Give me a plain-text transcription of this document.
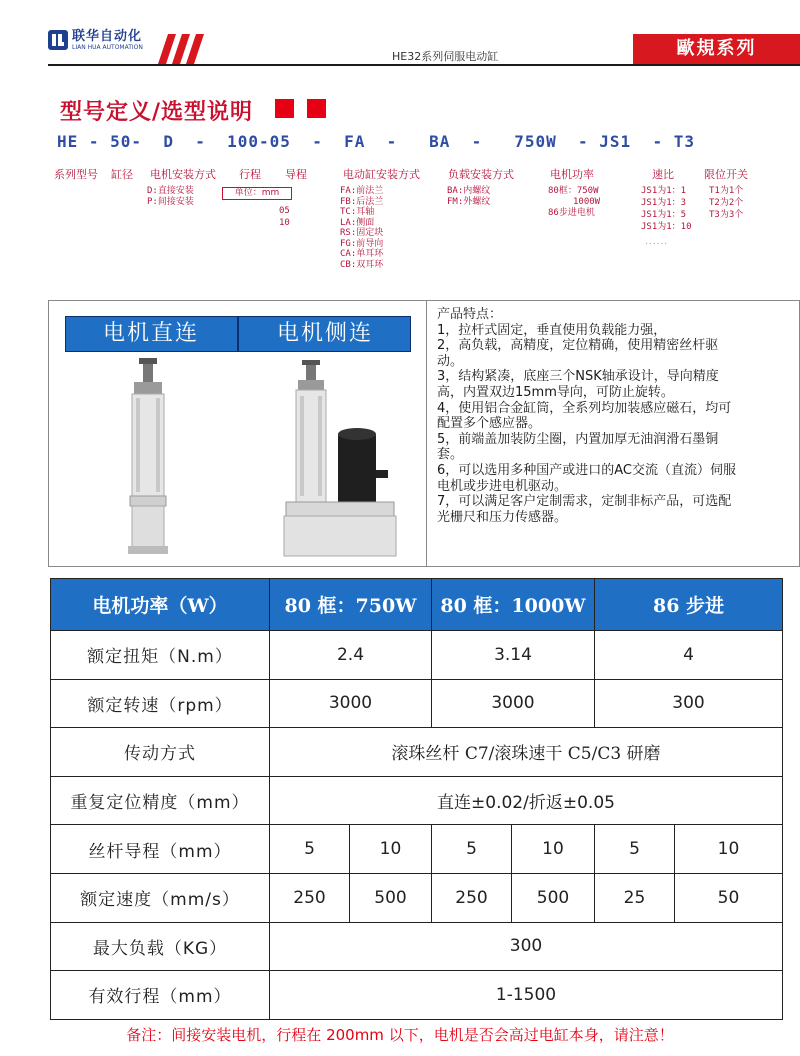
联华自动化
LIAN HUA AUTOMATION
HE32系列伺服电动缸	歐規系列
型号定义/选型说明
HE - 50-  D  -  100-05  -  FA  -   BA  -   750W  - JS1  - T3
系列型号 缸径 电机安装方式 行程 导程	电动缸安装方式	负载安装方式	电机功率	速比	限位开关
D:直接安装
P:间接安装
单位：mm
05
10
FA:前法兰
FB:后法兰
TC:耳轴
LA:侧面
RS:固定块
FG:前导向
CA:单耳环
CB:双耳环
BA:内螺纹
FM:外螺纹
80框：750W
1000W
86步进电机
JS1为1：1
JS1为1：3
JS1为1：5
JS1为1：10
......
T1为1个
T2为2个
T3为3个
电机直连	电机侧连
产品特点：
1，拉杆式固定，垂直使用负载能力强，
2，高负载，高精度，定位精确，使用精密丝杆驱动。
3，结构紧凑，底座三个NSK轴承设计，导向精度高，内置双边15mm导向，可防止旋转。
4，使用铝合金缸筒，全系列均加装感应磁石，均可配置多个感应器。
5，前端盖加装防尘圈，内置加厚无油润滑石墨铜套。
6，可以选用多种国产或进口的AC交流（直流）伺服电机或步进电机驱动。
7，可以满足客户定制需求，定制非标产品，可选配光栅尺和压力传感器。
电机功率（W）	80 框：750W		80 框：1000W		86 步进	
额定扭矩（N.m）	2.4		3.14		4	
额定转速（rpm）	3000		3000		300	
传动方式	滚珠丝杆 C7/滚珠速干 C5/C3 研磨					
重复定位精度（mm）	直连±0.02/折返±0.05					
丝杆导程（mm）	5	10	5	10	5	10
额定速度（mm/s）	250	500	250	500	25	50
最大负载（KG）	300					
有效行程（mm）	1-1500					
备注：间接安装电机，行程在 200mm 以下，电机是否会高过电缸本身，请注意！
